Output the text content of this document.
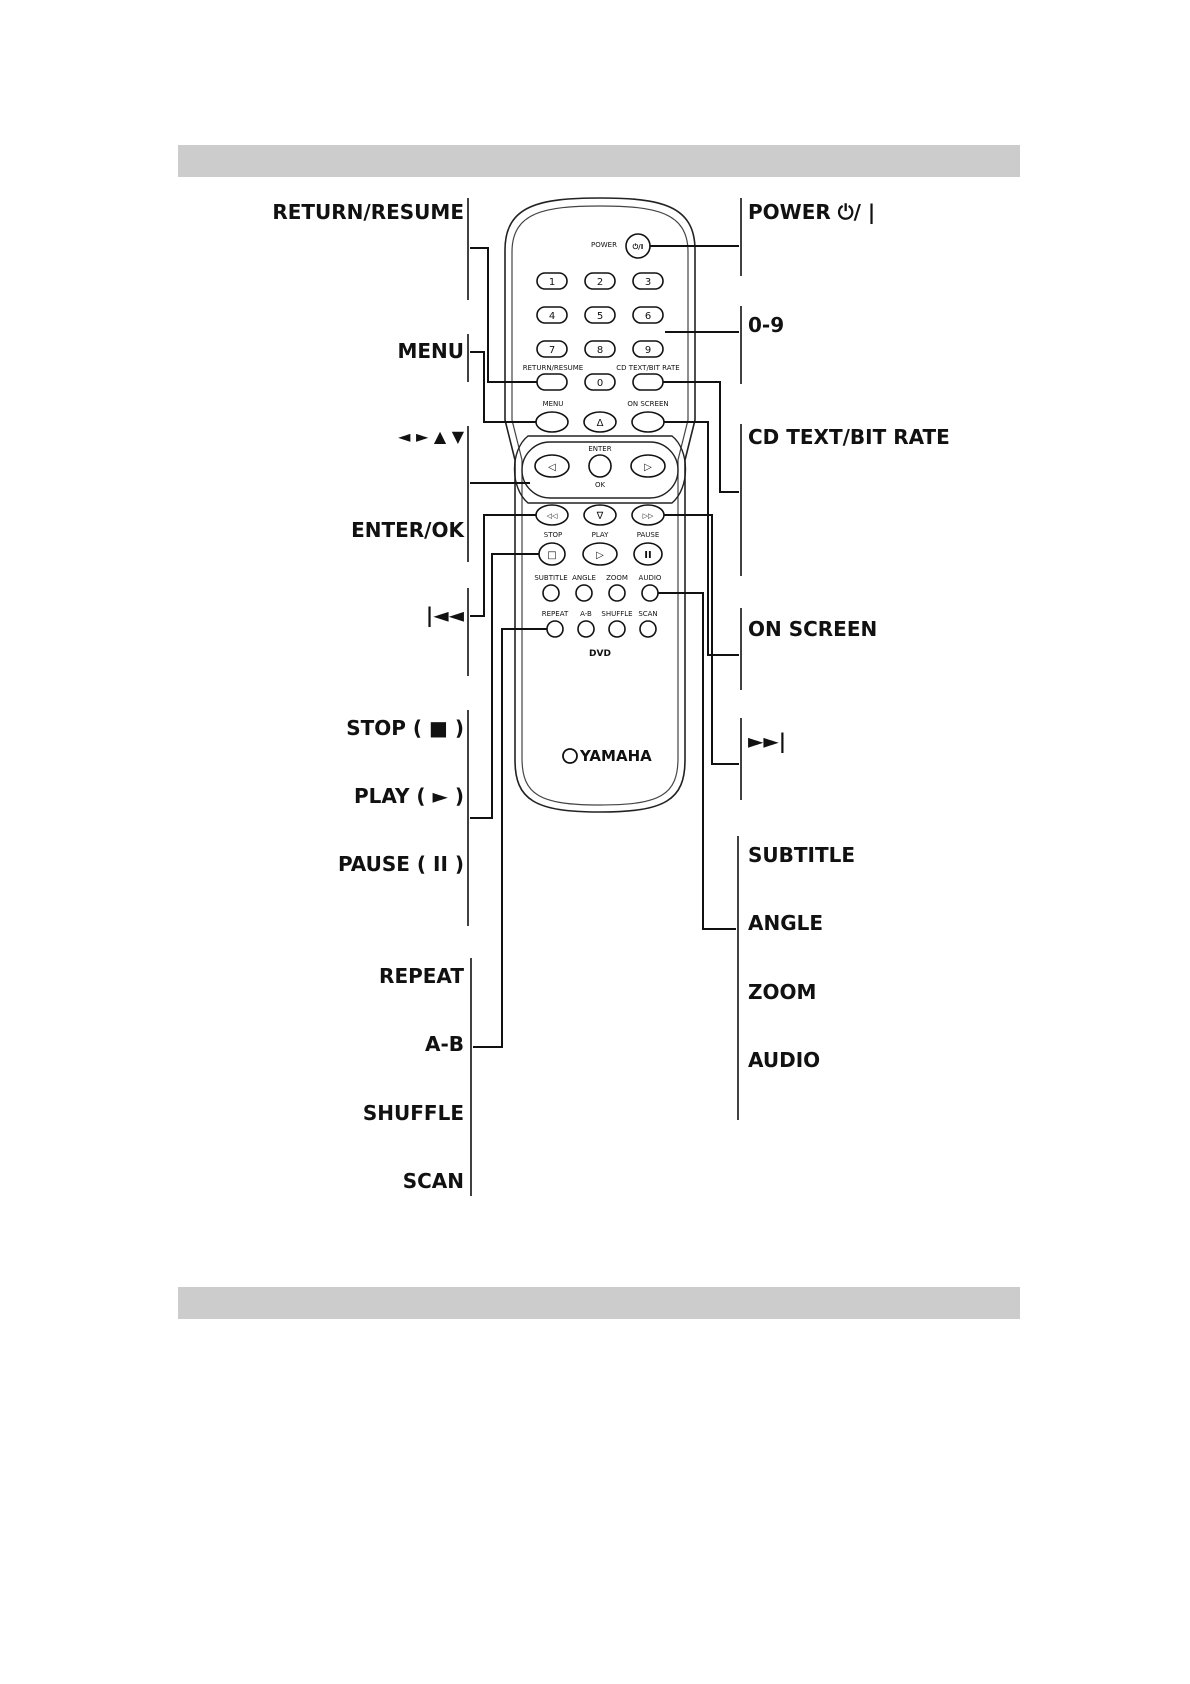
POWER ⏻/I
1	2	3
4	5	6
7	8	9
RETURN/RESUME	CD TEXT/BIT RATE
0
MENU	ON SCREEN
Δ
ENTER
◁	▷
OK
◁◁	∇	▷▷
STOP	PLAY	PAUSE
□	▷	II
SUBTITLE ANGLE ZOOM AUDIO
REPEAT A-B SHUFFLE SCAN
DVD
YAMAHA
RETURN/RESUME
MENU
◄ ► ▲ ▼
ENTER/OK
|◄◄
STOP ( ■ )
PLAY ( ► )
PAUSE ( II )
REPEAT
A-B
SHUFFLE
SCAN
POWER ⏻/ |
0-9
CD TEXT/BIT RATE
ON SCREEN
►►|
SUBTITLE
ANGLE
ZOOM
AUDIO
